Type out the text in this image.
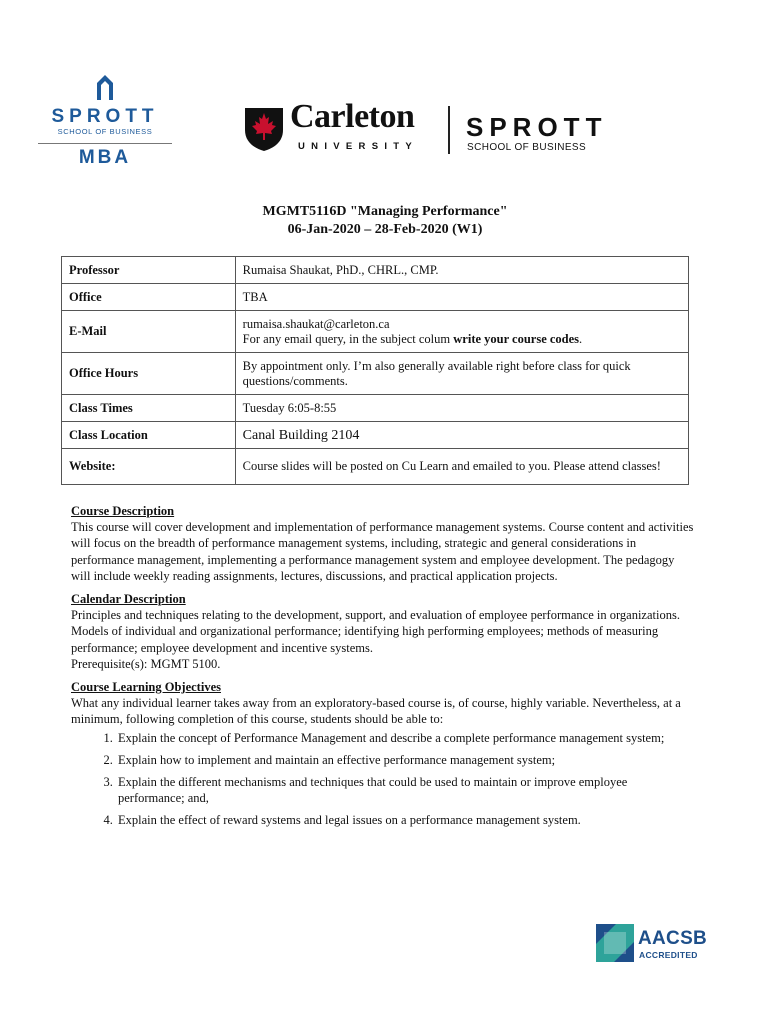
SPROTT
SCHOOL OF BUSINESS
MBA
Carleton
UNIVERSITY
SPROTT
SCHOOL OF BUSINESS
MGMT5116D "Managing Performance"
06-Jan-2020 – 28-Feb-2020 (W1)
Professor	Rumaisa Shaukat, PhD., CHRL., CMP.
Office	TBA
E-Mail	rumaisa.shaukat@carleton.ca
For any email query, in the subject colum write your course codes.

Office Hours	By appointment only. I’m also generally available right before class for quick questions/comments.
Class Times	Tuesday 6:05-8:55
Class Location	Canal Building 2104
Website:	Course slides will be posted on Cu Learn and emailed to you. Please attend classes!

Course Description
This course will cover development and implementation of performance management systems. Course content and activities will focus on the breadth of performance management systems, including, strategic and general considerations in performance management, implementing a performance management system and employee development. The pedagogy will include weekly reading assignments, lectures, discussions, and practical application projects.

Calendar Description
Principles and techniques relating to the development, support, and evaluation of employee performance in organizations. Models of individual and organizational performance; identifying high performing employees; methods of measuring performance; employee development and incentive systems.
Prerequisite(s): MGMT 5100.

Course Learning Objectives
What any individual learner takes away from an exploratory-based course is, of course, highly variable. Nevertheless, at a minimum, following completion of this course, students should be able to:
1. Explain the concept of Performance Management and describe a complete performance management system;
2. Explain how to implement and maintain an effective performance management system;
3. Explain the different mechanisms and techniques that could be used to maintain or improve employee performance; and,
4. Explain the effect of reward systems and legal issues on a performance management system.
AACSB
ACCREDITED
